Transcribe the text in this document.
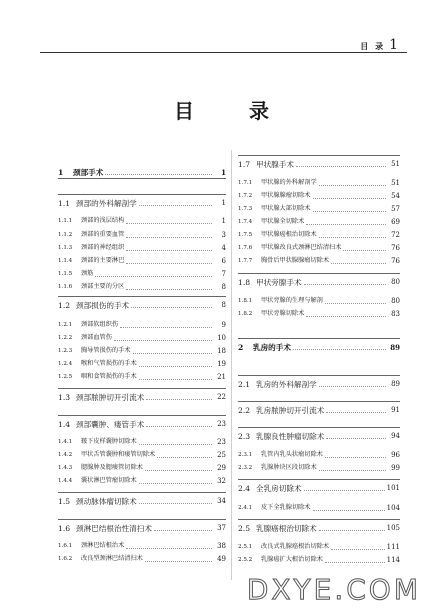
目 录 1
目 录
1	颈部手术	1
1.1 颈部的外科解剖学	1
1.1.1	颈部的浅层结构	1
1.1.2	颈部的重要血管	3
1.1.3	颈部的神经组织	4
1.1.4	颈部的主要淋巴	6
1.1.5	颈筋	7
1.1.6	颈部主要的分区	8
1.2 颈部损伤的手术	8
1.2.1	颈部软组织伤	9
1.2.2	颈部血管伤	10
1.2.3	胸导管损伤的手术	18
1.2.4	喉和气管损伤的手术	19
1.2.5	咽和食管损伤的手术	21
1.3 颈部脓肿切开引流术	22
1.4 颈部囊肿、瘘管手术	23
1.4.1	皲下皮样囊肿切除术	23
1.4.2	甲状舌管囊肿和瘘管切除术	25
1.4.3	腮腺肿及腮瘘管切除术	29
1.4.4	囊状淋巴管瘤切除术	32
1.5 颈动脉体瘤切除术	34
1.6 颈淋巴结根治性清扫术	37
1.6.1	颈淋巴结根治术	38
1.6.2	改良型颈淋巴结清扫术	49
1.7 甲状腺手术	51
1.7.1	甲状腺的外科解剖学	51
1.7.2	甲状腺腺瘤切除术	54
1.7.3	甲状腺大部切除术	57
1.7.4	甲状腺全切除术	69
1.7.5	甲状腺癌根治切除术	72
1.7.6	甲状腺改良式颈淋巴结清扫术	76
1.7.7	胸骨后甲状腺腺瘤切除术	76
1.8 甲状旁腺手术	80
1.8.1	甲状旁腺的生理与解剖	80
1.8.2	甲状旁腺切除术	83
2	乳房的手术	89
2.1 乳房的外科解剖学	89
2.2 乳房脓肿切开引流术	91
2.3 乳腺良性肿瘤切除术	94
2.3.1	乳管内乳头状瘤切除术	96
2.3.2	乳腺肿块区段切除术	99
2.4 全乳房切除术	101
2.4.1	皮下全乳腺切除术	104
2.5 乳腺癌根治切除术	105
2.5.1	改良式乳腺癌根治切除术	111
2.5.2	乳腺癌扩大根治切除术	114
DXYE.COM
